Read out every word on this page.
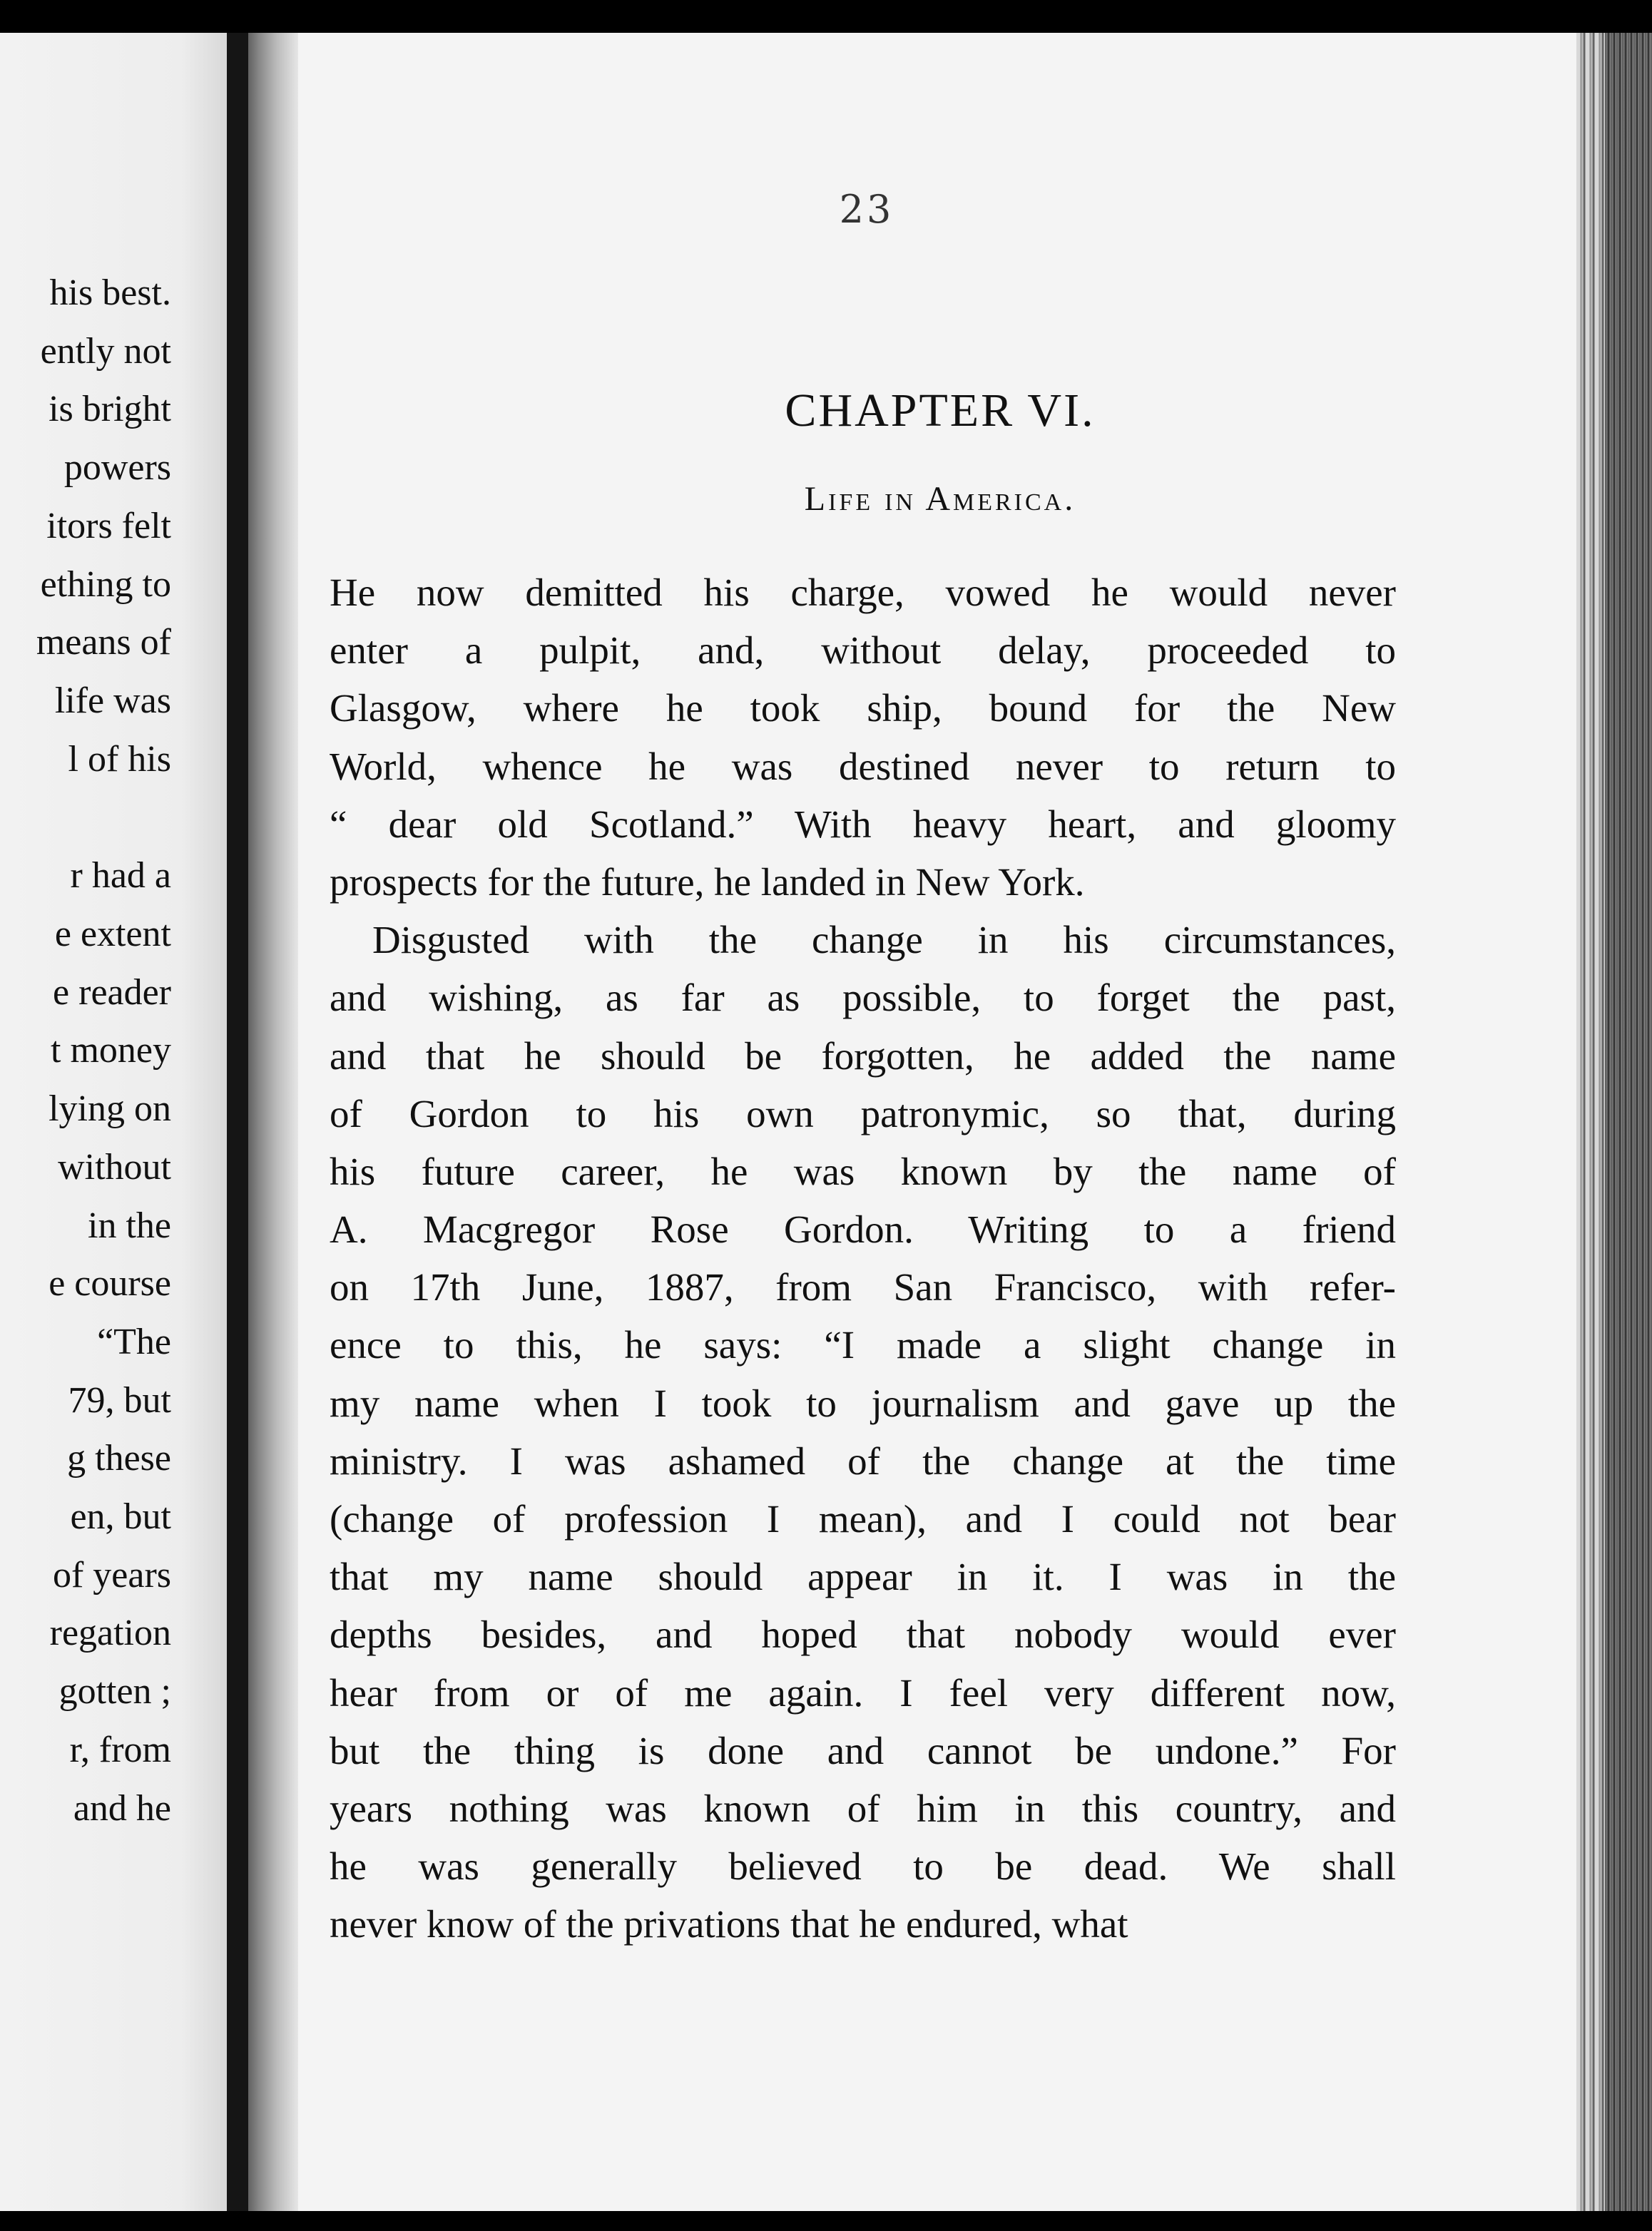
his best.
ently not
is bright
powers
itors felt
ething to
means of
life was
l of his

r had a
e extent
e reader
t money
lying on
without
in the
e course
“The
79, but
g these
en, but
of years
regation
gotten ;
r, from
and he
23
CHAPTER VI.
Life in America.
He now demitted his charge, vowed he would never
enter a pulpit, and, without delay, proceeded to
Glasgow, where he took ship, bound for the New
World, whence he was destined never to return to
“ dear old Scotland.” With heavy heart, and gloomy
prospects for the future, he landed in New York.
Disgusted with the change in his circumstances,
and wishing, as far as possible, to forget the past,
and that he should be forgotten, he added the name
of Gordon to his own patronymic, so that, during
his future career, he was known by the name of
A. Macgregor Rose Gordon. Writing to a friend
on 17th June, 1887, from San Francisco, with refer-
ence to this, he says: “I made a slight change in
my name when I took to journalism and gave up the
ministry. I was ashamed of the change at the time
(change of profession I mean), and I could not bear
that my name should appear in it. I was in the
depths besides, and hoped that nobody would ever
hear from or of me again. I feel very different now,
but the thing is done and cannot be undone.” For
years nothing was known of him in this country, and
he was generally believed to be dead. We shall
never know of the privations that he endured, what
